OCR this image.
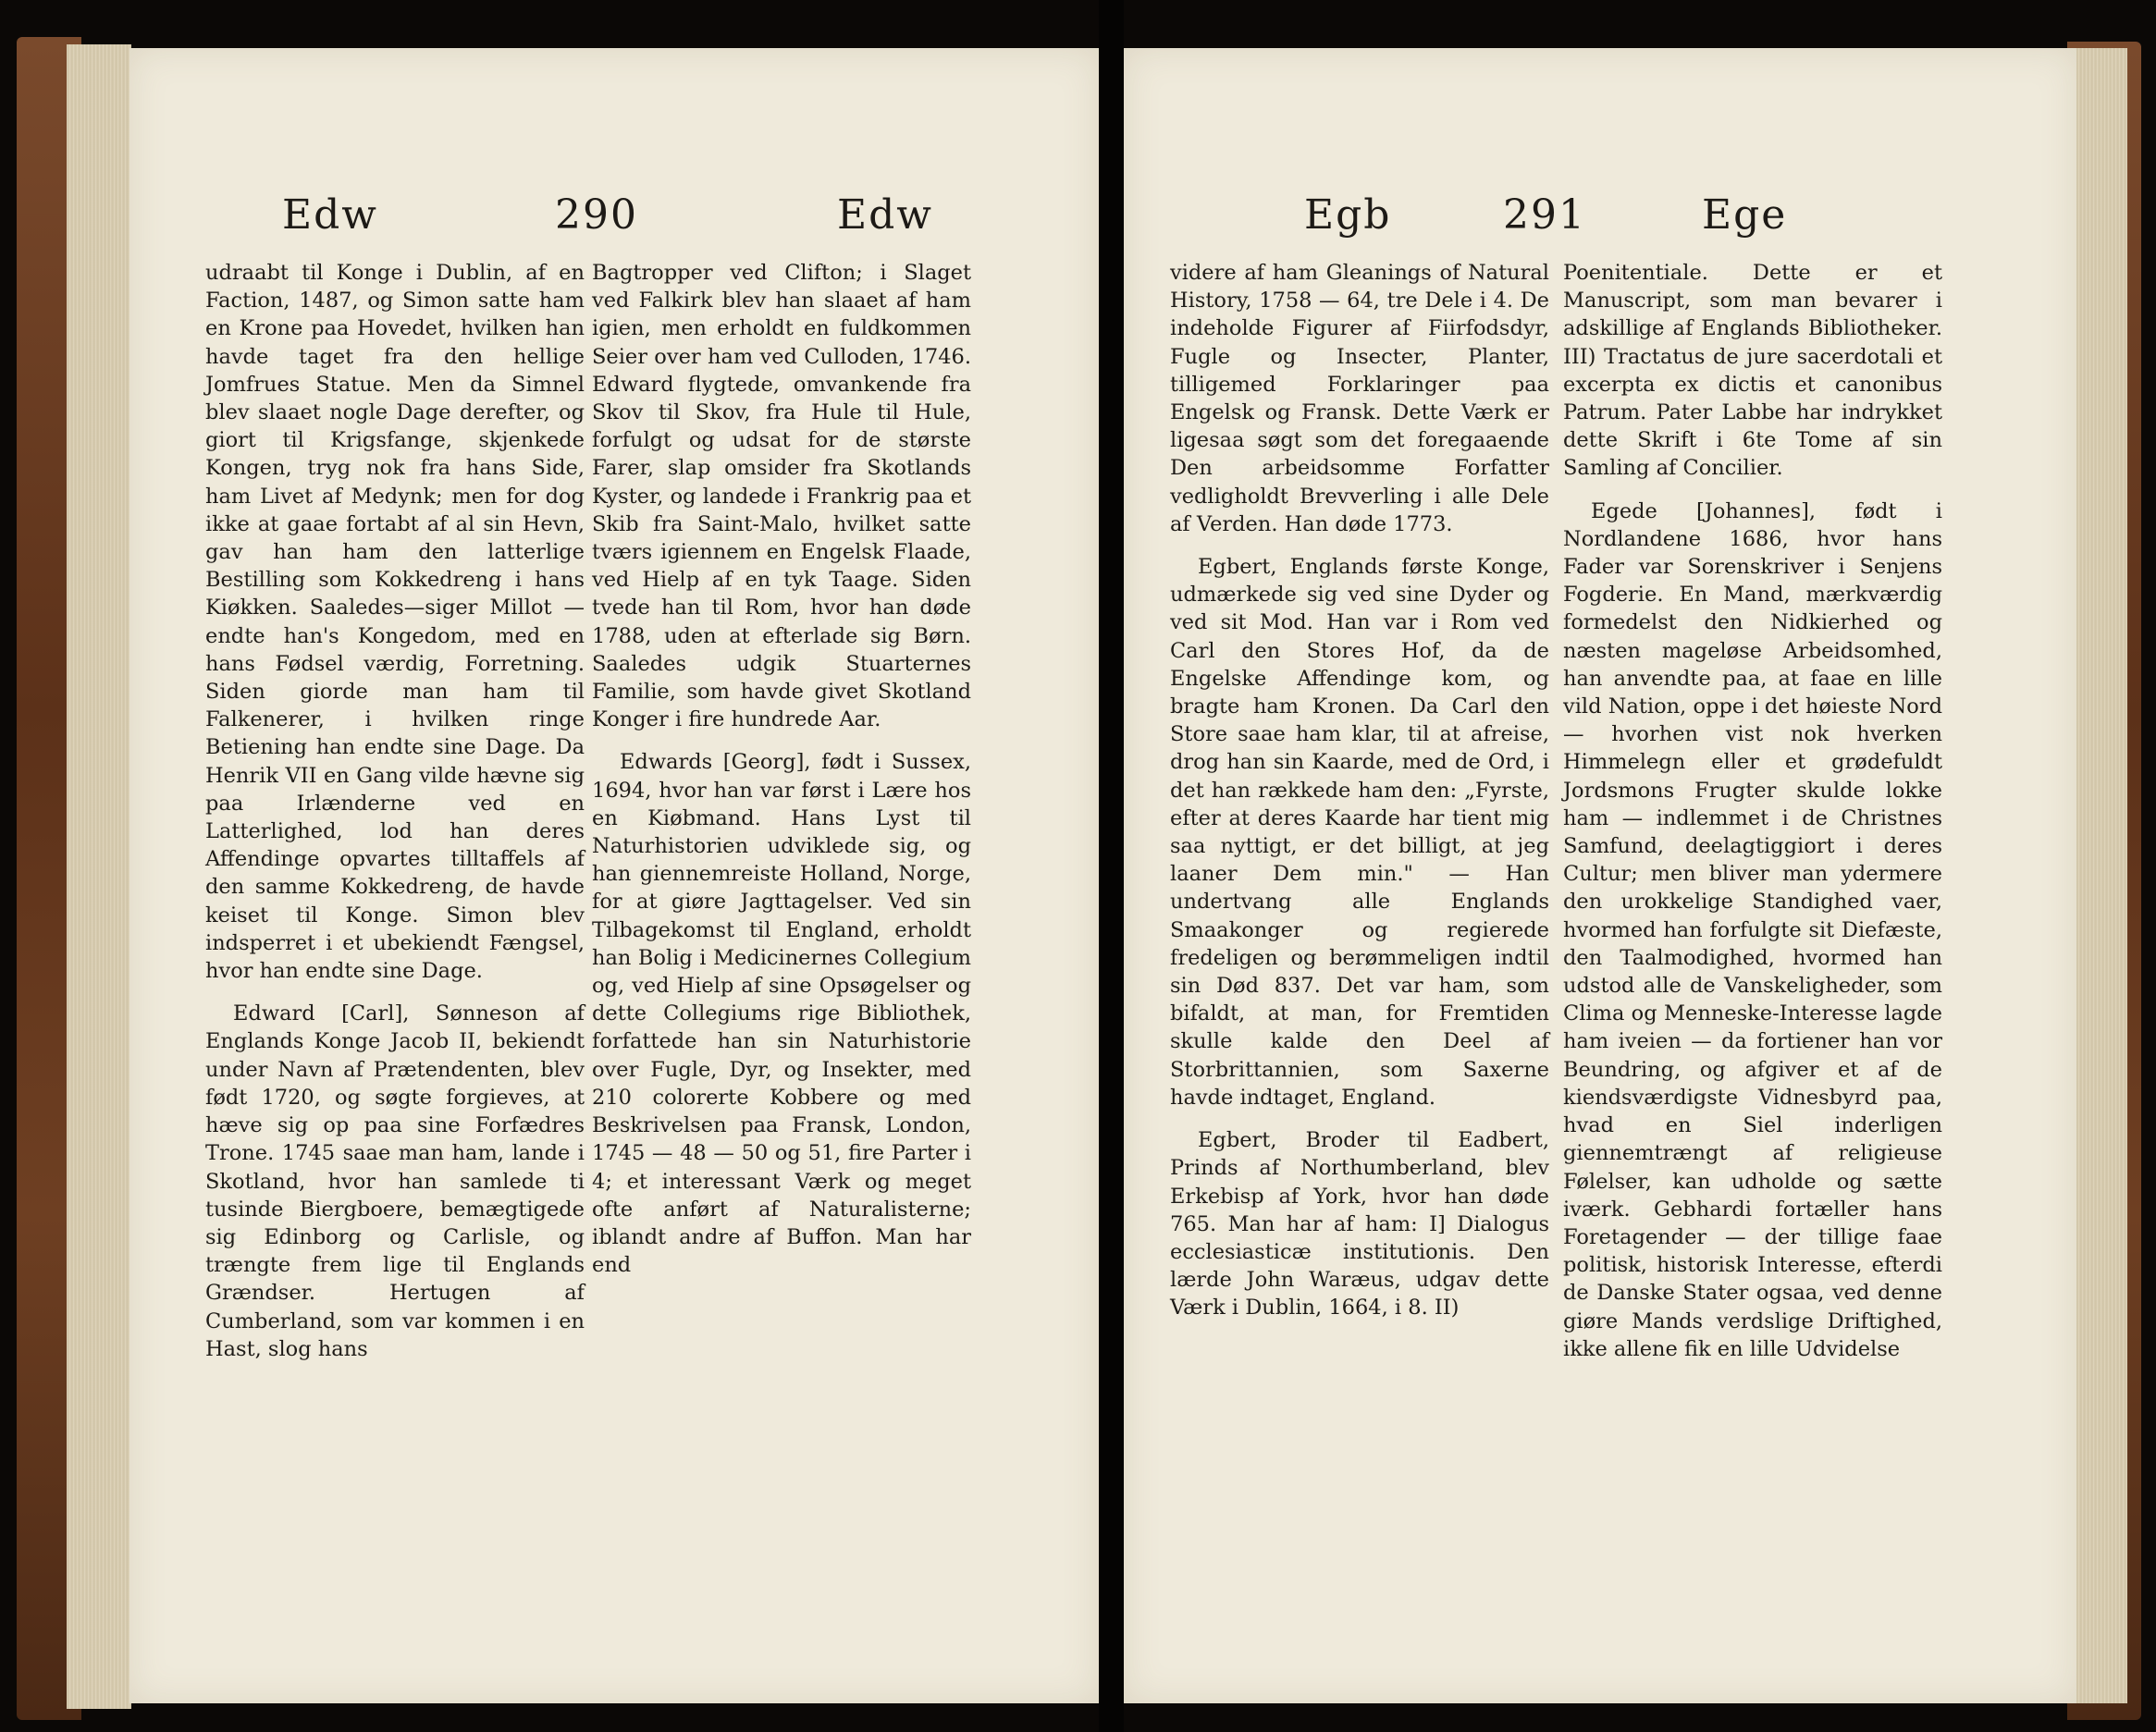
Edw	290	Edw

udraabt til Konge i Dublin, af en Faction, 1487, og Simon satte ham en Krone paa Hovedet, hvilken han havde taget fra den hellige Jomfrues Statue. Men da Simnel blev slaaet nogle Dage derefter, og giort til Krigsfange, skjenkede Kongen, tryg nok fra hans Side, ham Livet af Medynk; men for dog ikke at gaae fortabt af al sin Hevn, gav han ham den latterlige Bestilling som Kokkedreng i hans Kiøkken. Saaledes—siger Millot — endte han's Kongedom, med en hans Fødsel værdig, Forretning. Siden giorde man ham til Falkenerer, i hvilken ringe Betiening han endte sine Dage. Da Henrik VII en Gang vilde hævne sig paa Irlænderne ved en Latterlighed, lod han deres Affendinge opvartes tilltaffels af den samme Kokkedreng, de havde keiset til Konge. Simon blev indsperret i et ubekiendt Fængsel, hvor han endte sine Dage.

Edward [Carl], Sønneson af Englands Konge Jacob II, bekiendt under Navn af Prætendenten, blev født 1720, og søgte forgieves, at hæve sig op paa sine Forfædres Trone. 1745 saae man ham, lande i Skotland, hvor han samlede ti tusinde Biergboere, bemægtigede sig Edinborg og Carlisle, og trængte frem lige til Englands Grændser. Hertugen af Cumberland, som var kommen i en Hast, slog hans

Bagtropper ved Clifton; i Slaget ved Falkirk blev han slaaet af ham igien, men erholdt en fuldkommen Seier over ham ved Culloden, 1746. Edward flygtede, omvankende fra Skov til Skov, fra Hule til Hule, forfulgt og udsat for de største Farer, slap omsider fra Skotlands Kyster, og landede i Frankrig paa et Skib fra Saint-Malo, hvilket satte tværs igiennem en Engelsk Flaade, ved Hielp af en tyk Taage. Siden tvede han til Rom, hvor han døde 1788, uden at efterlade sig Børn. Saaledes udgik Stuarternes Familie, som havde givet Skotland Konger i fire hundrede Aar.

Edwards [Georg], født i Sussex, 1694, hvor han var først i Lære hos en Kiøbmand. Hans Lyst til Naturhistorien udviklede sig, og han giennemreiste Holland, Norge, for at giøre Jagttagelser. Ved sin Tilbagekomst til England, erholdt han Bolig i Medicinernes Collegium og, ved Hielp af sine Opsøgelser og dette Collegiums rige Bibliothek, forfattede han sin Naturhistorie over Fugle, Dyr, og Insekter, med 210 colorerte Kobbere og med Beskrivelsen paa Fransk, London, 1745 — 48 — 50 og 51, fire Parter i 4; et interessant Værk og meget ofte anført af Naturalisterne; iblandt andre af Buffon. Man har end

Egb	291	Ege

videre af ham Gleanings of Natural History, 1758 — 64, tre Dele i 4. De indeholde Figurer af Fiirfodsdyr, Fugle og Insecter, Planter, tilligemed Forklaringer paa Engelsk og Fransk. Dette Værk er ligesaa søgt som det foregaaende Den arbeidsomme Forfatter vedligholdt Brevverling i alle Dele af Verden. Han døde 1773.

Egbert, Englands første Konge, udmærkede sig ved sine Dyder og ved sit Mod. Han var i Rom ved Carl den Stores Hof, da de Engelske Affendinge kom, og bragte ham Kronen. Da Carl den Store saae ham klar, til at afreise, drog han sin Kaarde, med de Ord, i det han rækkede ham den: „Fyrste, efter at deres Kaarde har tient mig saa nyttigt, er det billigt, at jeg laaner Dem min." — Han undertvang alle Englands Smaakonger og regierede fredeligen og berømmeligen indtil sin Død 837. Det var ham, som bifaldt, at man, for Fremtiden skulle kalde den Deel af Storbrittannien, som Saxerne havde indtaget, England.

Egbert, Broder til Eadbert, Prinds af Northumberland, blev Erkebisp af York, hvor han døde 765. Man har af ham: I] Dialogus ecclesiasticæ institutionis. Den lærde John Waræus, udgav dette Værk i Dublin, 1664, i 8. II)

Poenitentiale. Dette er et Manuscript, som man bevarer i adskillige af Englands Bibliotheker. III) Tractatus de jure sacerdotali et excerpta ex dictis et canonibus Patrum. Pater Labbe har indrykket dette Skrift i 6te Tome af sin Samling af Concilier.

Egede [Johannes], født i Nordlandene 1686, hvor hans Fader var Sorenskriver i Senjens Fogderie. En Mand, mærkværdig formedelst den Nidkierhed og næsten mageløse Arbeidsomhed, han anvendte paa, at faae en lille vild Nation, oppe i det høieste Nord — hvorhen vist nok hverken Himmelegn eller et grødefuldt Jordsmons Frugter skulde lokke ham — indlemmet i de Christnes Samfund, deelagtiggiort i deres Cultur; men bliver man ydermere den urokkelige Standighed vaer, hvormed han forfulgte sit Diefæste, den Taalmodighed, hvormed han udstod alle de Vanskeligheder, som Clima og Menneske-Interesse lagde ham iveien — da fortiener han vor Beundring, og afgiver et af de kiendsværdigste Vidnesbyrd paa, hvad en Siel inderligen giennemtrængt af religieuse Følelser, kan udholde og sætte iværk. Gebhardi fortæller hans Foretagender — der tillige faae politisk, historisk Interesse, efterdi de Danske Stater ogsaa, ved denne giøre Mands verdslige Driftighed, ikke allene fik en lille Udvidelse
